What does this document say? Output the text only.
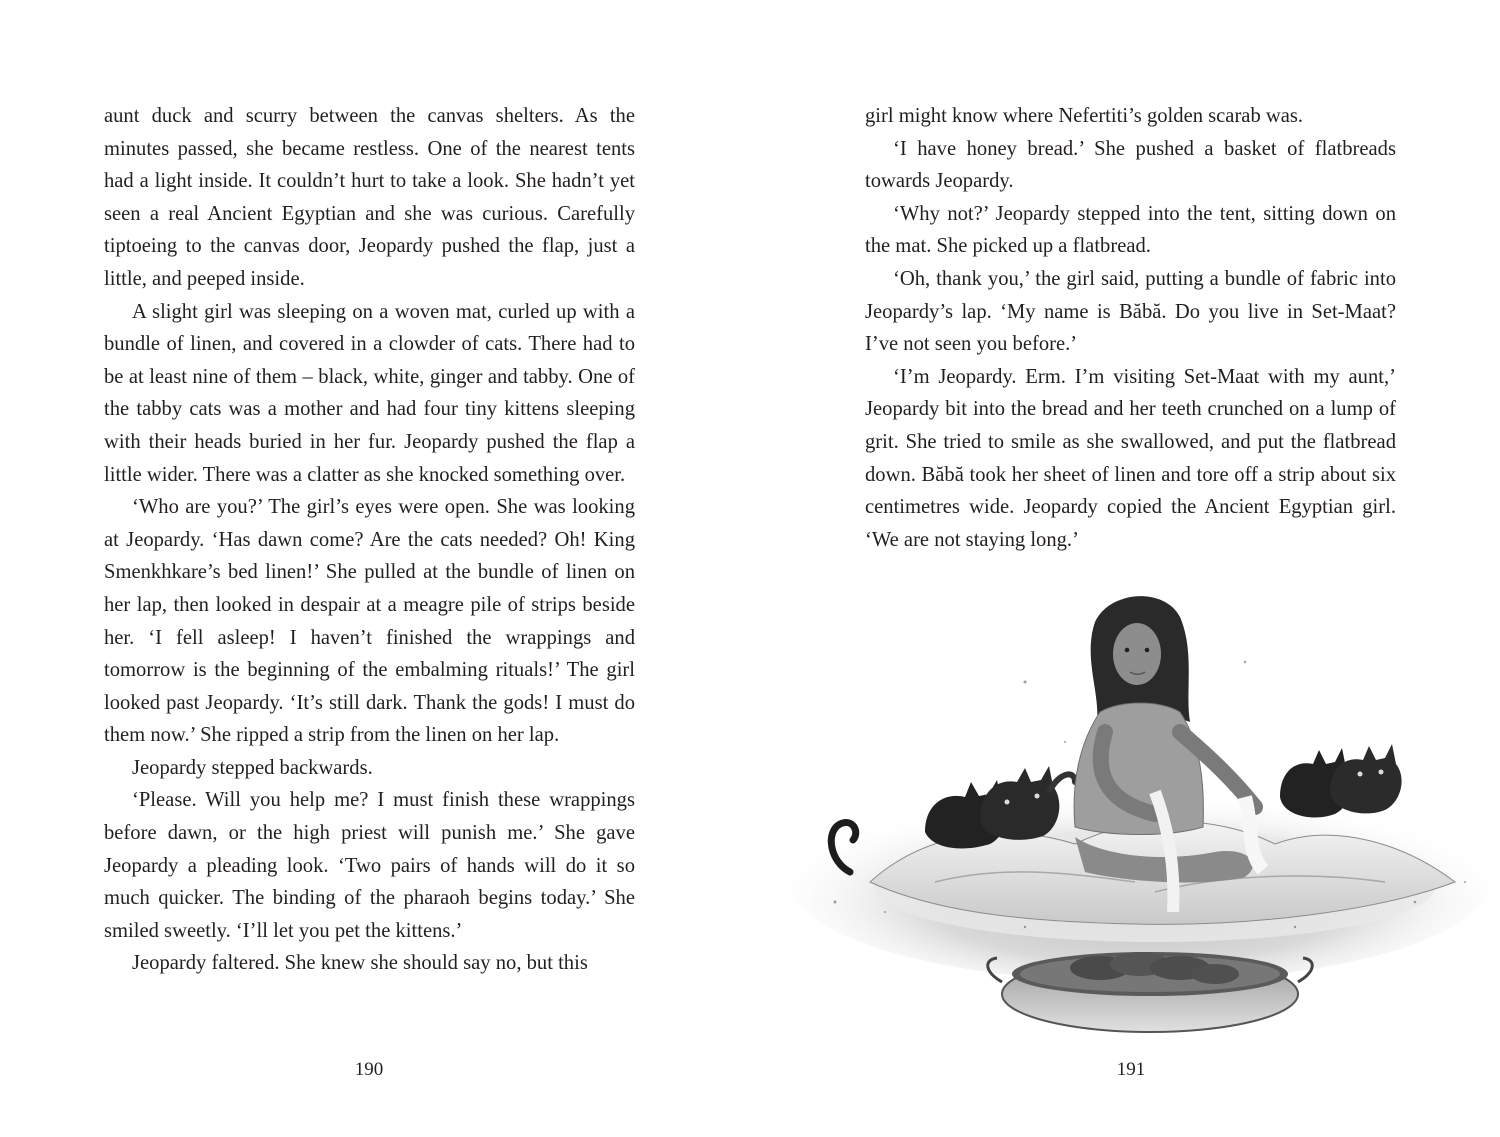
aunt duck and scurry between the canvas shelters. As the minutes passed, she became restless. One of the nearest tents had a light inside. It couldn’t hurt to take a look. She hadn’t yet seen a real Ancient Egyptian and she was curious. Carefully tiptoeing to the canvas door, Jeopardy pushed the flap, just a little, and peeped inside.

A slight girl was sleeping on a woven mat, curled up with a bundle of linen, and covered in a clowder of cats. There had to be at least nine of them – black, white, ginger and tabby. One of the tabby cats was a mother and had four tiny kittens sleeping with their heads buried in her fur. Jeopardy pushed the flap a little wider. There was a clatter as she knocked something over.

‘Who are you?’ The girl’s eyes were open. She was looking at Jeopardy. ‘Has dawn come? Are the cats needed? Oh! King Smenkhkare’s bed linen!’ She pulled at the bundle of linen on her lap, then looked in despair at a meagre pile of strips beside her. ‘I fell asleep! I haven’t finished the wrappings and tomorrow is the beginning of the embalming rituals!’ The girl looked past Jeopardy. ‘It’s still dark. Thank the gods! I must do them now.’ She ripped a strip from the linen on her lap.

Jeopardy stepped backwards.

‘Please. Will you help me? I must finish these wrappings before dawn, or the high priest will punish me.’ She gave Jeopardy a pleading look. ‘Two pairs of hands will do it so much quicker. The binding of the pharaoh begins today.’ She smiled sweetly. ‘I’ll let you pet the kittens.’

Jeopardy faltered. She knew she should say no, but this

190

girl might know where Nefertiti’s golden scarab was.

‘I have honey bread.’ She pushed a basket of flatbreads towards Jeopardy.

‘Why not?’ Jeopardy stepped into the tent, sitting down on the mat. She picked up a flatbread.

‘Oh, thank you,’ the girl said, putting a bundle of fabric into Jeopardy’s lap. ‘My name is Băbă. Do you live in Set-Maat? I’ve not seen you before.’

‘I’m Jeopardy. Erm. I’m visiting Set-Maat with my aunt,’ Jeopardy bit into the bread and her teeth crunched on a lump of grit. She tried to smile as she swallowed, and put the flatbread down. Băbă took her sheet of linen and tore off a strip about six centimetres wide. Jeopardy copied the Ancient Egyptian girl. ‘We are not staying long.’

191
